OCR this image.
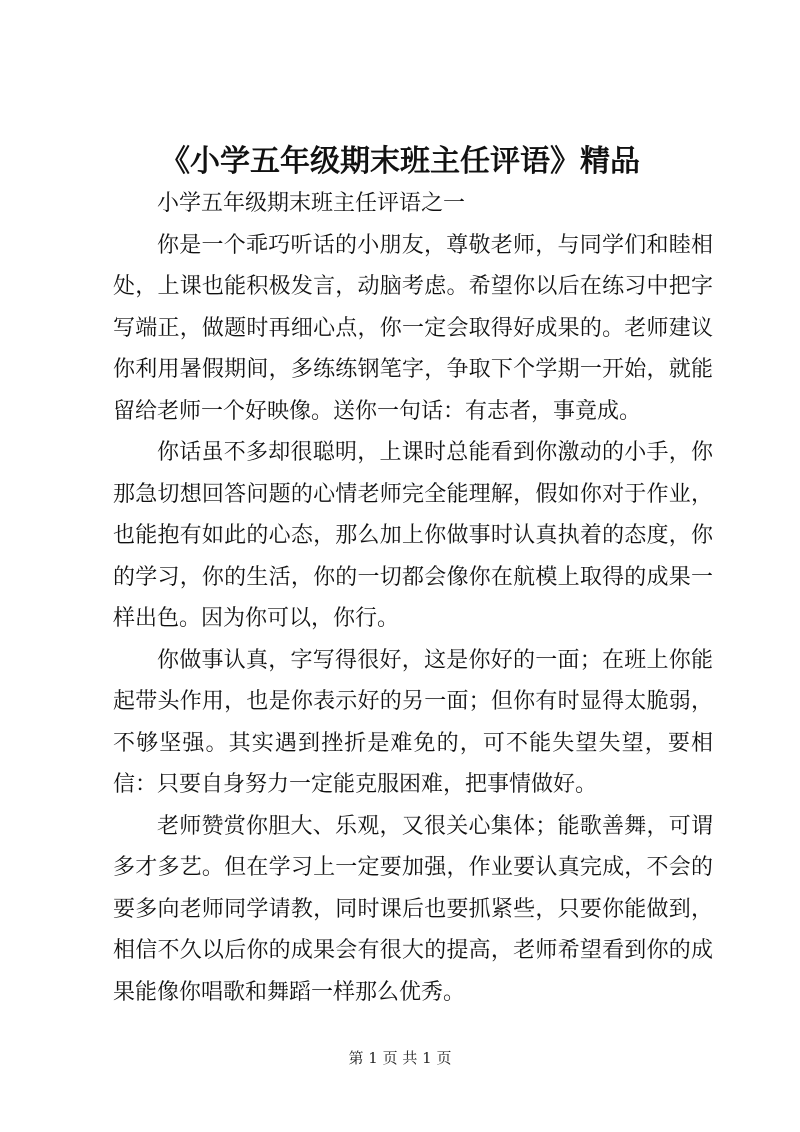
《小学五年级期末班主任评语》精品

小学五年级期末班主任评语之一

你是一个乖巧听话的小朋友，尊敬老师，与同学们和睦相处，上课也能积极发言，动脑考虑。希望你以后在练习中把字写端正，做题时再细心点，你一定会取得好成果的。老师建议你利用暑假期间，多练练钢笔字，争取下个学期一开始，就能留给老师一个好映像。送你一句话：有志者，事竟成。

你话虽不多却很聪明，上课时总能看到你激动的小手，你那急切想回答问题的心情老师完全能理解，假如你对于作业，也能抱有如此的心态，那么加上你做事时认真执着的态度，你的学习，你的生活，你的一切都会像你在航模上取得的成果一样出色。因为你可以，你行。

你做事认真，字写得很好，这是你好的一面；在班上你能起带头作用，也是你表示好的另一面；但你有时显得太脆弱，不够坚强。其实遇到挫折是难免的，可不能失望失望，要相信：只要自身努力一定能克服困难，把事情做好。

老师赞赏你胆大、乐观，又很关心集体；能歌善舞，可谓多才多艺。但在学习上一定要加强，作业要认真完成，不会的要多向老师同学请教，同时课后也要抓紧些，只要你能做到，相信不久以后你的成果会有很大的提高，老师希望看到你的成果能像你唱歌和舞蹈一样那么优秀。

第 1 页 共 1 页
